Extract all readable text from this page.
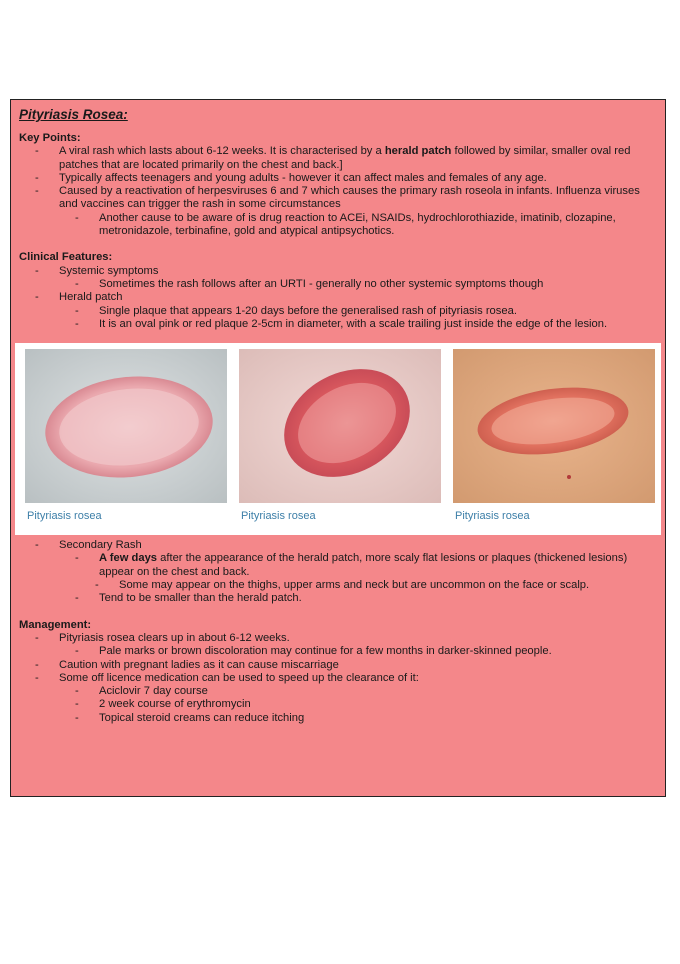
Pityriasis Rosea:
Key Points:
- A viral rash which lasts about 6-12 weeks. It is characterised by a herald patch followed by similar, smaller oval red patches that are located primarily on the chest and back.]
- Typically affects teenagers and young adults - however it can affect males and females of any age.
- Caused by a reactivation of herpesviruses 6 and 7 which causes the primary rash roseola in infants. Influenza viruses and vaccines can trigger the rash in some circumstances
- Another cause to be aware of is drug reaction to ACEi, NSAIDs, hydrochlorothiazide, imatinib, clozapine, metronidazole, terbinafine, gold and atypical antipsychotics.
Clinical Features:
- Systemic symptoms
- Sometimes the rash follows after an URTI - generally no other systemic symptoms though
- Herald patch
- Single plaque that appears 1-20 days before the generalised rash of pityriasis rosea.
- It is an oval pink or red plaque 2-5cm in diameter, with a scale trailing just inside the edge of the lesion.
Pityriasis rosea	Pityriasis rosea	Pityriasis rosea
- Secondary Rash
- A few days after the appearance of the herald patch, more scaly flat lesions or plaques (thickened lesions) appear on the chest and back.
- Some may appear on the thighs, upper arms and neck but are uncommon on the face or scalp.
- Tend to be smaller than the herald patch.
Management:
- Pityriasis rosea clears up in about 6-12 weeks.
- Pale marks or brown discoloration may continue for a few months in darker-skinned people.
- Caution with pregnant ladies as it can cause miscarriage
- Some off licence medication can be used to speed up the clearance of it:
- Aciclovir 7 day course
- 2 week course of erythromycin
- Topical steroid creams can reduce itching
